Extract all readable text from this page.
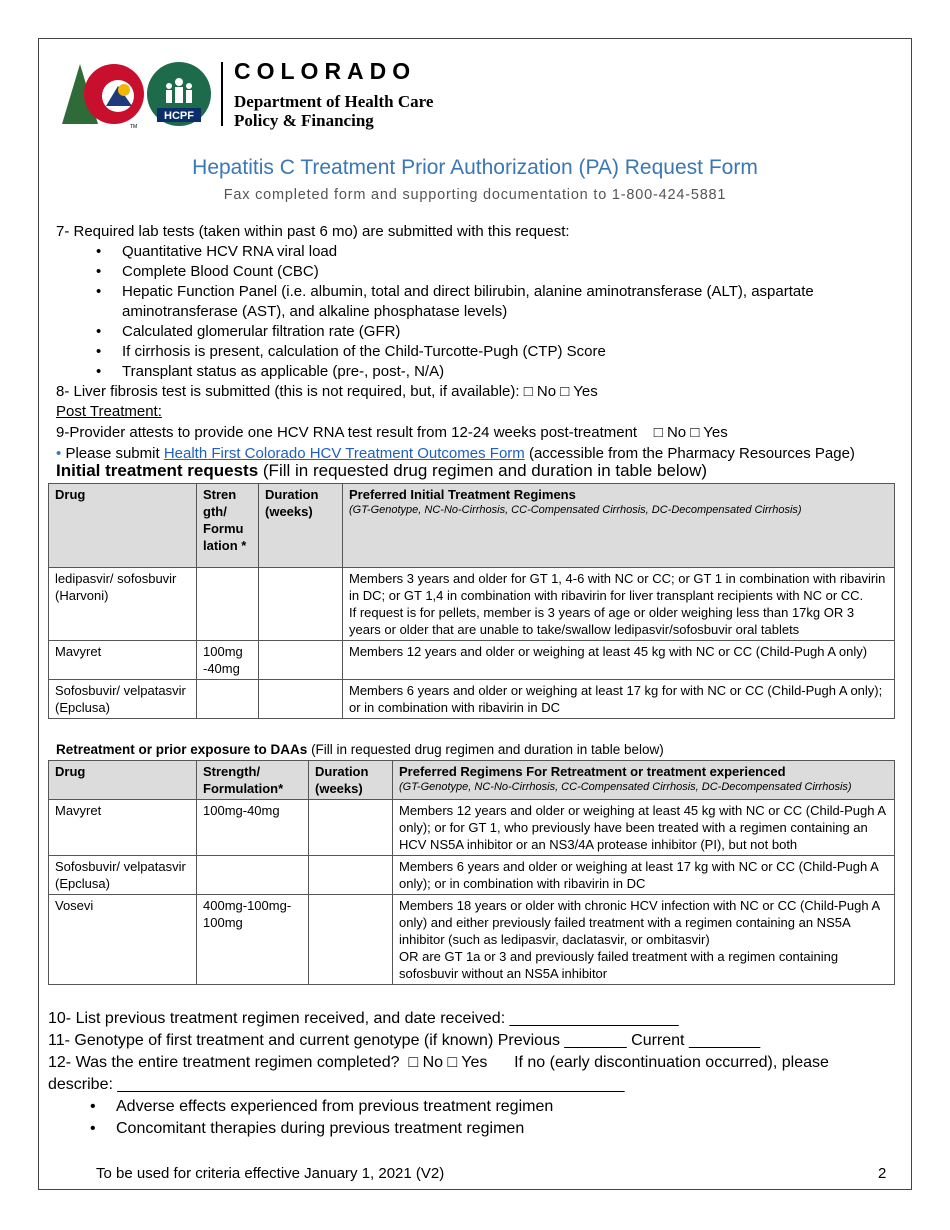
HCPF
TM
COLORADO
Department of Health Care
Policy & Financing
Hepatitis C Treatment Prior Authorization (PA) Request Form
Fax completed form and supporting documentation to 1-800-424-5881
7- Required lab tests (taken within past 6 mo) are submitted with this request:
• Quantitative HCV RNA viral load
• Complete Blood Count (CBC)
• Hepatic Function Panel (i.e. albumin, total and direct bilirubin, alanine aminotransferase (ALT), aspartate aminotransferase (AST), and alkaline phosphatase levels)
• Calculated glomerular filtration rate (GFR)
• If cirrhosis is present, calculation of the Child-Turcotte-Pugh (CTP) Score
• Transplant status as applicable (pre-, post-, N/A)
8- Liver fibrosis test is submitted (this is not required, but, if available): □ No □ Yes
Post Treatment:
9-Provider attests to provide one HCV RNA test result from 12-24 weeks post-treatment    □ No □ Yes
• Please submit Health First Colorado HCV Treatment Outcomes Form (accessible from the Pharmacy Resources Page)
Initial treatment requests (Fill in requested drug regimen and duration in table below)
Drug	Stren gth/ Formu lation *	Duration (weeks)	Preferred Initial Treatment Regimens
(GT-Genotype, NC-No-Cirrhosis, CC-Compensated Cirrhosis, DC-Decompensated Cirrhosis)

ledipasvir/ sofosbuvir (Harvoni)			Members 3 years and older for GT 1, 4-6 with NC or CC; or GT 1 in combination with ribavirin in DC; or GT 1,4 in combination with ribavirin for liver transplant recipients with NC or CC.
If request is for pellets, member is 3 years of age or older weighing less than 17kg OR 3 years or older that are unable to take/swallow ledipasvir/sofosbuvir oral tablets

Mavyret	100mg -40mg		Members 12 years and older or weighing at least 45 kg with NC or CC (Child-Pugh A only)

Sofosbuvir/ velpatasvir (Epclusa)			Members 6 years and older or weighing at least 17 kg for with NC or CC (Child-Pugh A only); or in combination with ribavirin in DC
Retreatment or prior exposure to DAAs (Fill in requested drug regimen and duration in table below)
Drug	Strength/ Formulation*	Duration (weeks)	Preferred Regimens For Retreatment or treatment experienced
(GT-Genotype, NC-No-Cirrhosis, CC-Compensated Cirrhosis, DC-Decompensated Cirrhosis)

Mavyret	100mg-40mg		Members 12 years and older or weighing at least 45 kg with NC or CC (Child-Pugh A only); or for GT 1, who previously have been treated with a regimen containing an HCV NS5A inhibitor or an NS3/4A protease inhibitor (PI), but not both

Sofosbuvir/ velpatasvir (Epclusa)			Members 6 years and older or weighing at least 17 kg with NC or CC (Child-Pugh A only); or in combination with ribavirin in DC

Vosevi	400mg-100mg-100mg		Members 18 years or older with chronic HCV infection with NC or CC (Child-Pugh A only) and either previously failed treatment with a regimen containing an NS5A inhibitor (such as ledipasvir, daclatasvir, or ombitasvir)
OR are GT 1a or 3 and previously failed treatment with a regimen containing sofosbuvir without an NS5A inhibitor
10- List previous treatment regimen received, and date received: ___________________
11- Genotype of first treatment and current genotype (if known) Previous _______ Current ________
12- Was the entire treatment regimen completed?  □ No □ Yes      If no (early discontinuation occurred), please describe: _________________________________________________________
• Adverse effects experienced from previous treatment regimen
• Concomitant therapies during previous treatment regimen
To be used for criteria effective January 1, 2021 (V2)	2
